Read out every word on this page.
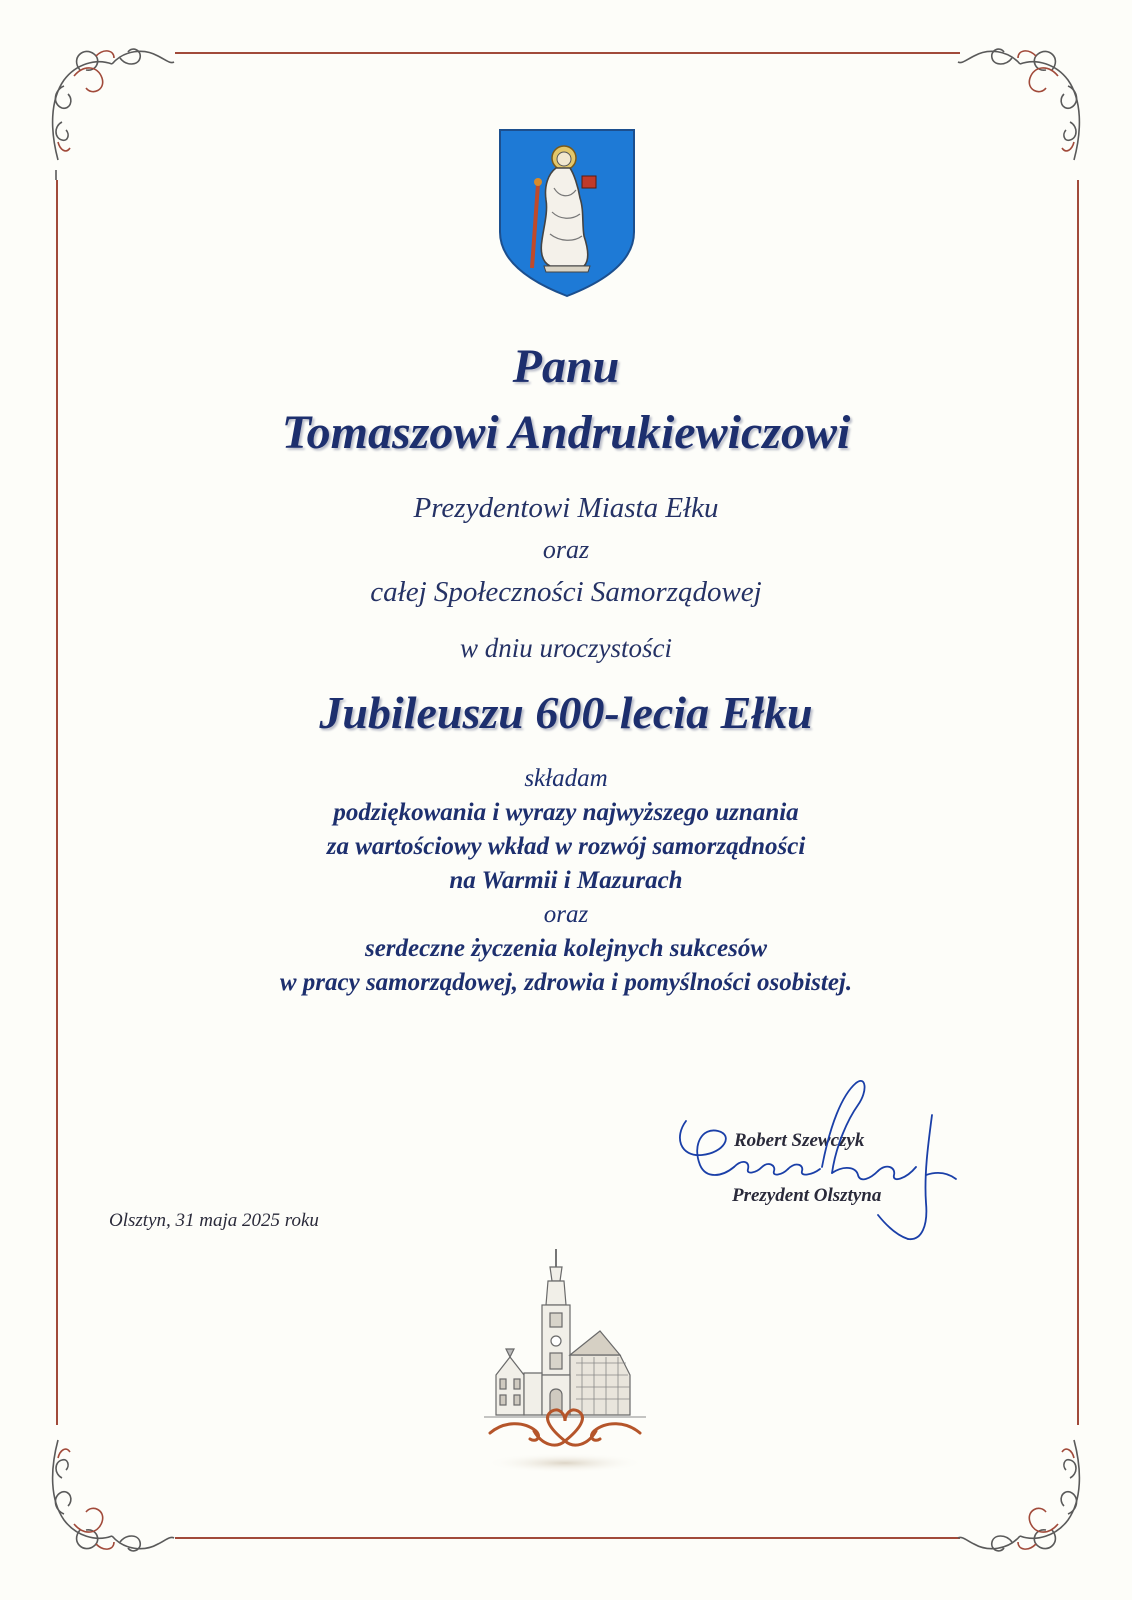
Panu
Tomaszowi Andrukiewiczowi
Prezydentowi Miasta Ełku
oraz
całej Społeczności Samorządowej
w dniu uroczystości
Jubileuszu 600-lecia Ełku
składam
podziękowania i wyrazy najwyższego uznania
za wartościowy wkład w rozwój samorządności
na Warmii i Mazurach
oraz
serdeczne życzenia kolejnych sukcesów
w pracy samorządowej, zdrowia i pomyślności osobistej.
Robert Szewczyk
Prezydent Olsztyna
Olsztyn, 31 maja 2025 roku
